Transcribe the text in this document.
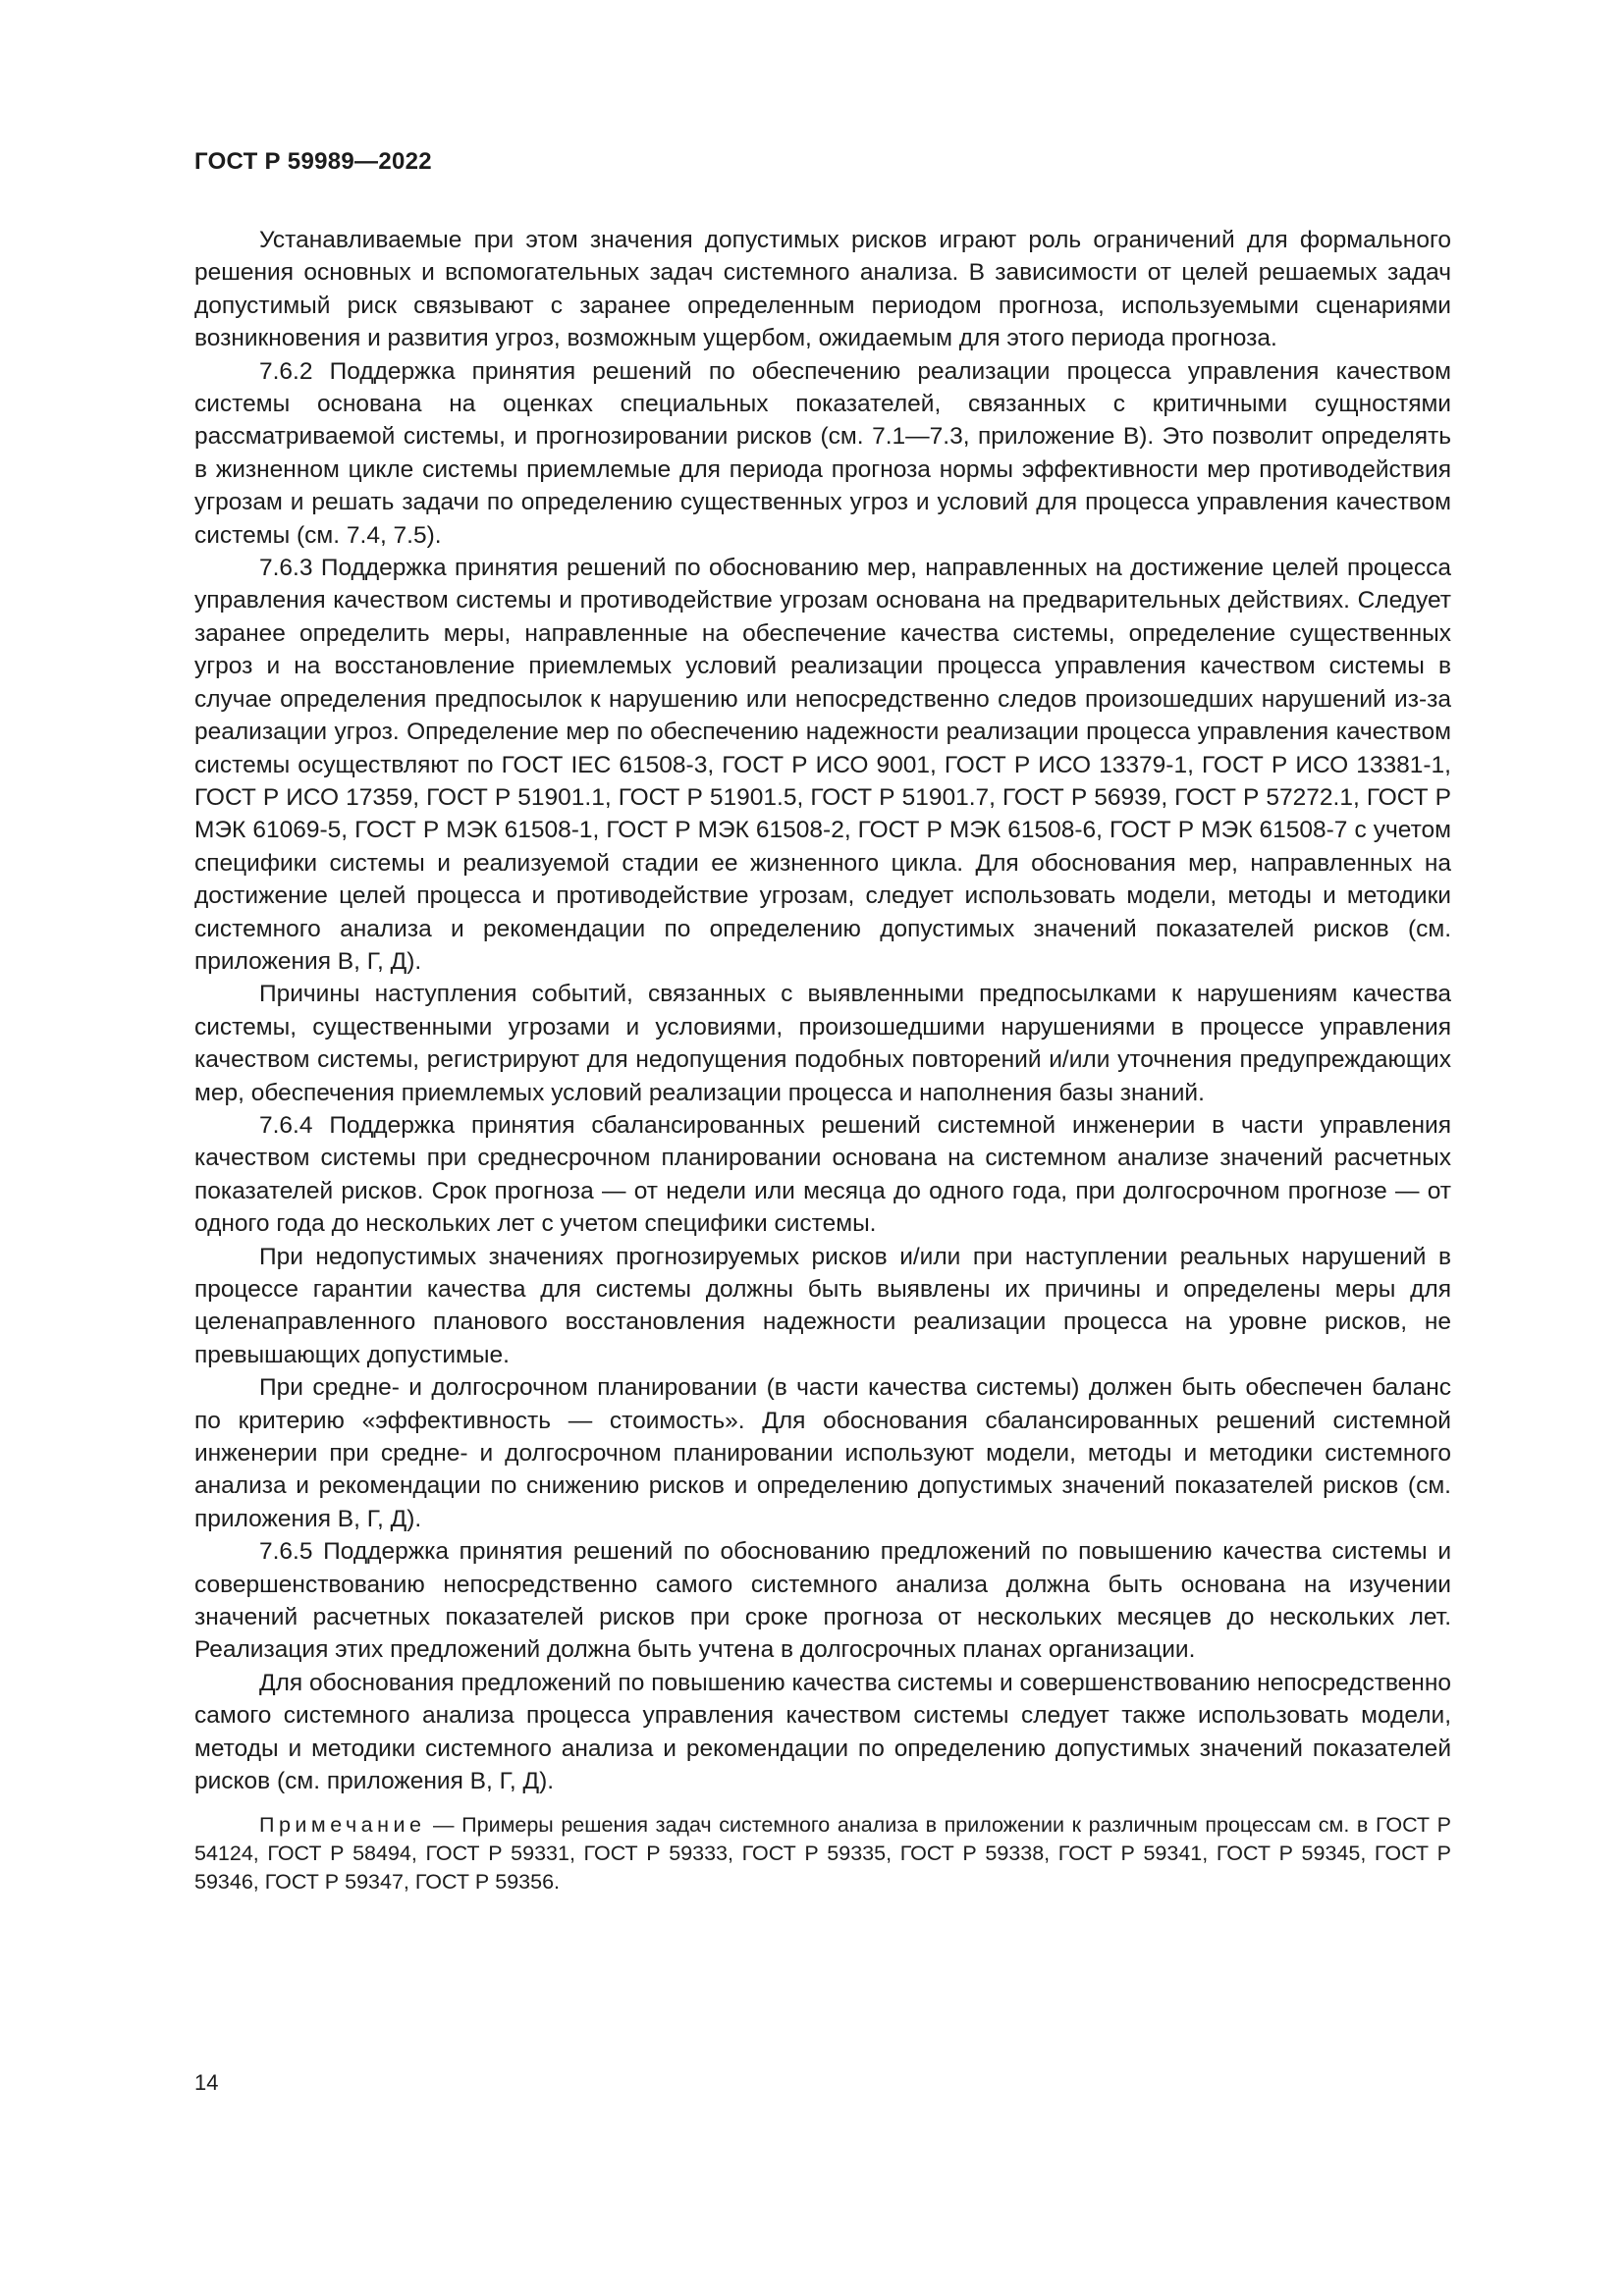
ГОСТ Р 59989—2022

Устанавливаемые при этом значения допустимых рисков играют роль ограничений для формального решения основных и вспомогательных задач системного анализа. В зависимости от целей решаемых задач допустимый риск связывают с заранее определенным периодом прогноза, используемыми сценариями возникновения и развития угроз, возможным ущербом, ожидаемым для этого периода прогноза.

7.6.2 Поддержка принятия решений по обеспечению реализации процесса управления качеством системы основана на оценках специальных показателей, связанных с критичными сущностями рассматриваемой системы, и прогнозировании рисков (см. 7.1—7.3, приложение В). Это позволит определять в жизненном цикле системы приемлемые для периода прогноза нормы эффективности мер противодействия угрозам и решать задачи по определению существенных угроз и условий для процесса управления качеством системы (см. 7.4, 7.5).

7.6.3 Поддержка принятия решений по обоснованию мер, направленных на достижение целей процесса управления качеством системы и противодействие угрозам основана на предварительных действиях. Следует заранее определить меры, направленные на обеспечение качества системы, определение существенных угроз и на восстановление приемлемых условий реализации процесса управления качеством системы в случае определения предпосылок к нарушению или непосредственно следов произошедших нарушений из-за реализации угроз. Определение мер по обеспечению надежности реализации процесса управления качеством системы осуществляют по ГОСТ IEC 61508-3, ГОСТ Р ИСО 9001, ГОСТ Р ИСО 13379-1, ГОСТ Р ИСО 13381-1, ГОСТ Р ИСО 17359, ГОСТ Р 51901.1, ГОСТ Р 51901.5, ГОСТ Р 51901.7, ГОСТ Р 56939, ГОСТ Р 57272.1, ГОСТ Р МЭК 61069-5, ГОСТ Р МЭК 61508-1, ГОСТ Р МЭК 61508-2, ГОСТ Р МЭК 61508-6, ГОСТ Р МЭК 61508-7 с учетом специфики системы и реализуемой стадии ее жизненного цикла. Для обоснования мер, направленных на достижение целей процесса и противодействие угрозам, следует использовать модели, методы и методики системного анализа и рекомендации по определению допустимых значений показателей рисков (см. приложения В, Г, Д).

Причины наступления событий, связанных с выявленными предпосылками к нарушениям качества системы, существенными угрозами и условиями, произошедшими нарушениями в процессе управления качеством системы, регистрируют для недопущения подобных повторений и/или уточнения предупреждающих мер, обеспечения приемлемых условий реализации процесса и наполнения базы знаний.

7.6.4 Поддержка принятия сбалансированных решений системной инженерии в части управления качеством системы при среднесрочном планировании основана на системном анализе значений расчетных показателей рисков. Срок прогноза — от недели или месяца до одного года, при долгосрочном прогнозе — от одного года до нескольких лет с учетом специфики системы.

При недопустимых значениях прогнозируемых рисков и/или при наступлении реальных нарушений в процессе гарантии качества для системы должны быть выявлены их причины и определены меры для целенаправленного планового восстановления надежности реализации процесса на уровне рисков, не превышающих допустимые.

При средне- и долгосрочном планировании (в части качества системы) должен быть обеспечен баланс по критерию «эффективность — стоимость». Для обоснования сбалансированных решений системной инженерии при средне- и долгосрочном планировании используют модели, методы и методики системного анализа и рекомендации по снижению рисков и определению допустимых значений показателей рисков (см. приложения В, Г, Д).

7.6.5 Поддержка принятия решений по обоснованию предложений по повышению качества системы и совершенствованию непосредственно самого системного анализа должна быть основана на изучении значений расчетных показателей рисков при сроке прогноза от нескольких месяцев до нескольких лет. Реализация этих предложений должна быть учтена в долгосрочных планах организации.

Для обоснования предложений по повышению качества системы и совершенствованию непосредственно самого системного анализа процесса управления качеством системы следует также использовать модели, методы и методики системного анализа и рекомендации по определению допустимых значений показателей рисков (см. приложения В, Г, Д).

Примечание — Примеры решения задач системного анализа в приложении к различным процессам см. в ГОСТ Р 54124, ГОСТ Р 58494, ГОСТ Р 59331, ГОСТ Р 59333, ГОСТ Р 59335, ГОСТ Р 59338, ГОСТ Р 59341, ГОСТ Р 59345, ГОСТ Р 59346, ГОСТ Р 59347, ГОСТ Р 59356.

14
